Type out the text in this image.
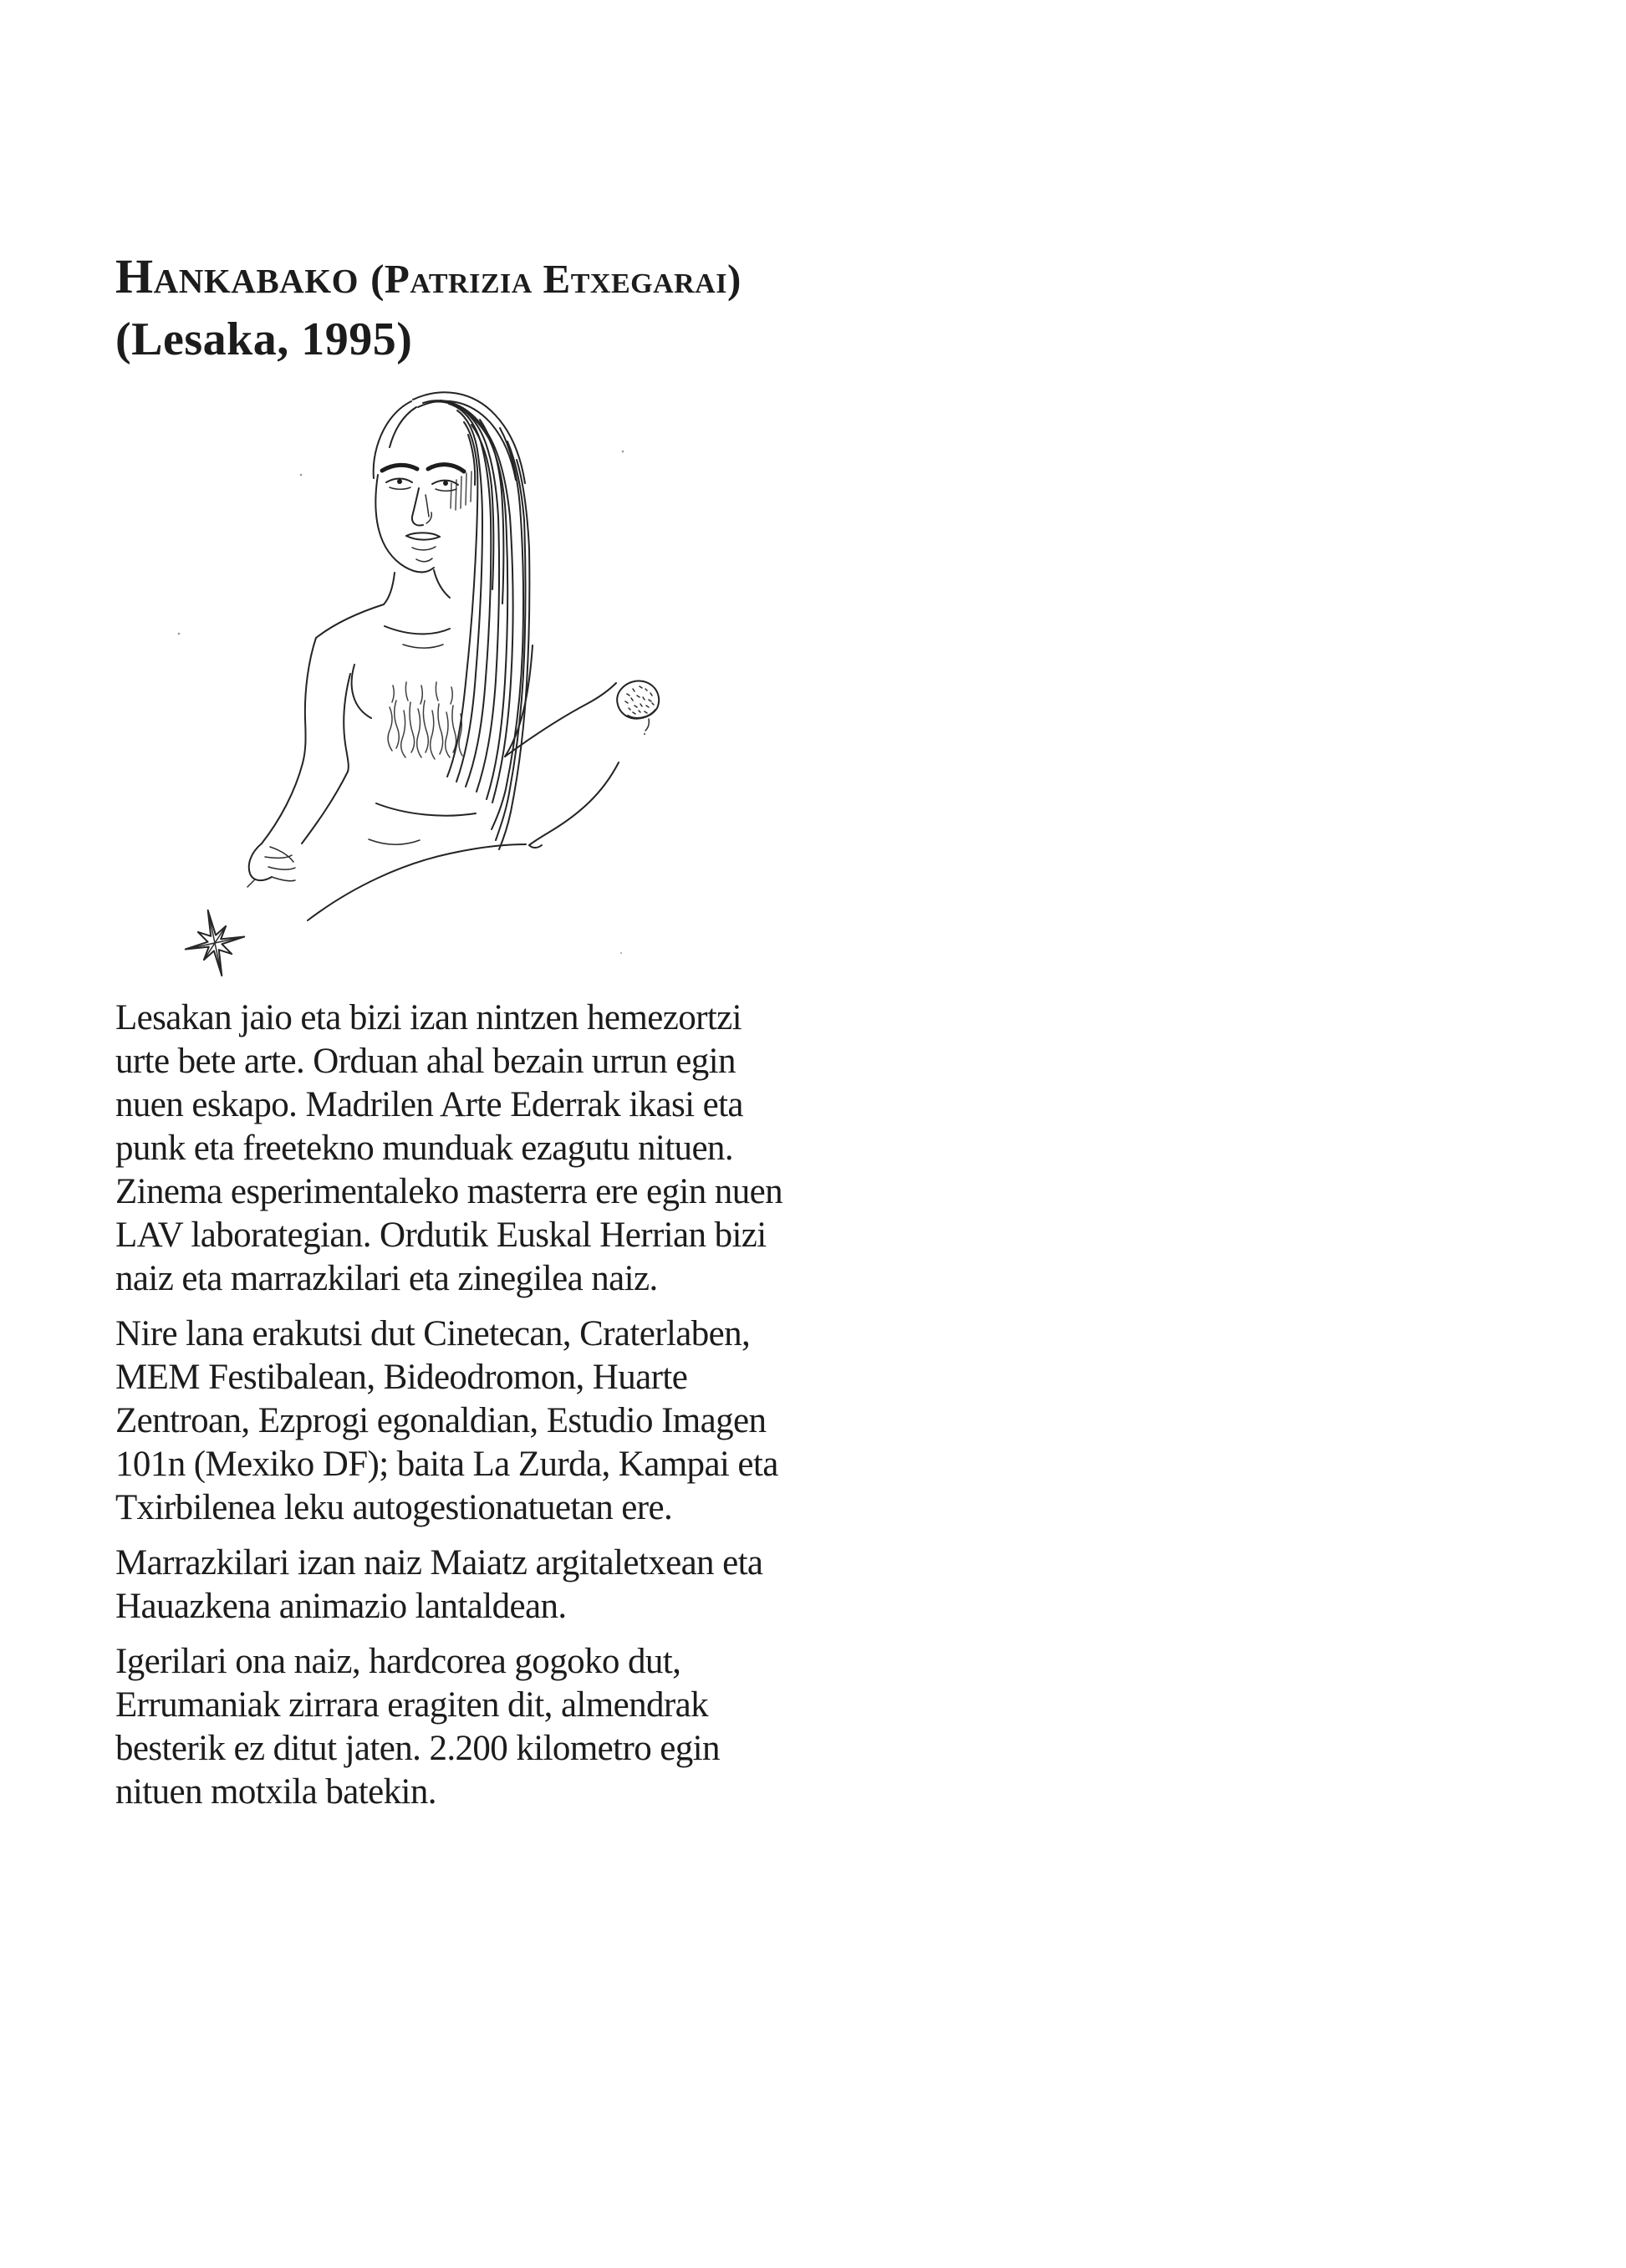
Hankabako (Patrizia Etxegarai)
(Lesaka, 1995)

Lesakan jaio eta bizi izan nintzen hemezortzi
urte bete arte. Orduan ahal bezain urrun egin
nuen eskapo. Madrilen Arte Ederrak ikasi eta
punk eta freetekno munduak ezagutu nituen.
Zinema esperimentaleko masterra ere egin nuen
LAV laborategian. Ordutik Euskal Herrian bizi
naiz eta marrazkilari eta zinegilea naiz.

Nire lana erakutsi dut Cinetecan, Craterlaben,
MEM Festibalean, Bideodromon, Huarte
Zentroan, Ezprogi egonaldian, Estudio Imagen
101n (Mexiko DF); baita La Zurda, Kampai eta
Txirbilenea leku autogestionatuetan ere.

Marrazkilari izan naiz Maiatz argitaletxean eta
Hauazkena animazio lantaldean.

Igerilari ona naiz, hardcorea gogoko dut,
Errumaniak zirrara eragiten dit, almendrak
besterik ez ditut jaten. 2.200 kilometro egin
nituen motxila batekin.
